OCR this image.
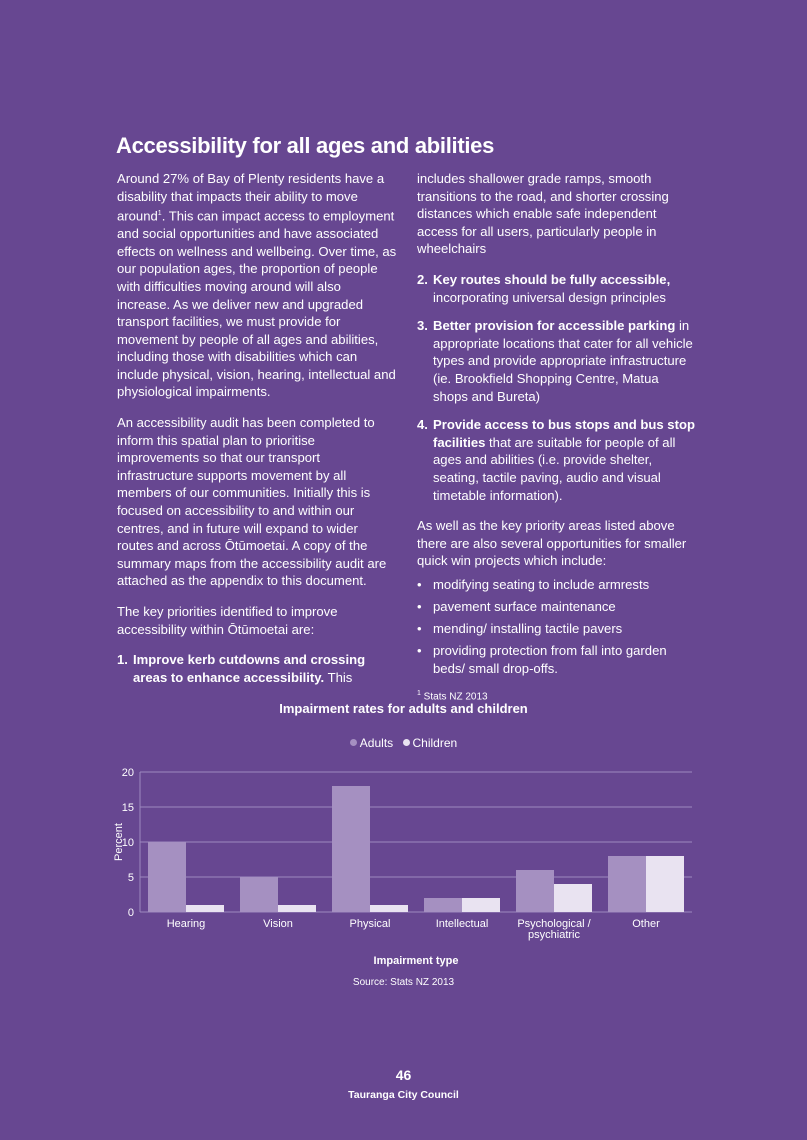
Accessibility for all ages and abilities

Around 27% of Bay of Plenty residents have a disability that impacts their ability to move around$^1$. This can impact access to employment and social opportunities and have associated effects on wellness and wellbeing. Over time, as our population ages, the proportion of people with difficulties moving around will also increase. As we deliver new and upgraded transport facilities, we must provide for movement by people of all ages and abilities, including those with disabilities which can include physical, vision, hearing, intellectual and physiological impairments.

An accessibility audit has been completed to inform this spatial plan to prioritise improvements so that our transport infrastructure supports movement by all members of our communities. Initially this is focused on accessibility to and within our centres, and in future will expand to wider routes and across Ōtūmoetai. A copy of the summary maps from the accessibility audit are attached as the appendix to this document.

The key priorities identified to improve accessibility within Ōtūmoetai are:

1. Improve kerb cutdowns and crossing areas to enhance accessibility. This

includes shallower grade ramps, smooth transitions to the road, and shorter crossing distances which enable safe independent access for all users, particularly people in wheelchairs

2. Key routes should be fully accessible, incorporating universal design principles
3. Better provision for accessible parking in appropriate locations that cater for all vehicle types and provide appropriate infrastructure (ie. Brookfield Shopping Centre, Matua shops and Bureta)
4. Provide access to bus stops and bus stop facilities that are suitable for people of all ages and abilities (i.e. provide shelter, seating, tactile paving, audio and visual timetable information).

As well as the key priority areas listed above there are also several opportunities for smaller quick win projects which include:

• modifying seating to include armrests
• pavement surface maintenance
• mending/ installing tactile pavers
• providing protection from fall into garden beds/ small drop-offs.
$^1$ Stats NZ 2013
Impairment rates for adults and children
Adults Children
0
5
10
15
20
Percent
Hearing	Vision	Physical	Intellectual	Psychological /
psychiatric
Other
Impairment type
Source: Stats NZ 2013
46
Tauranga City Council
